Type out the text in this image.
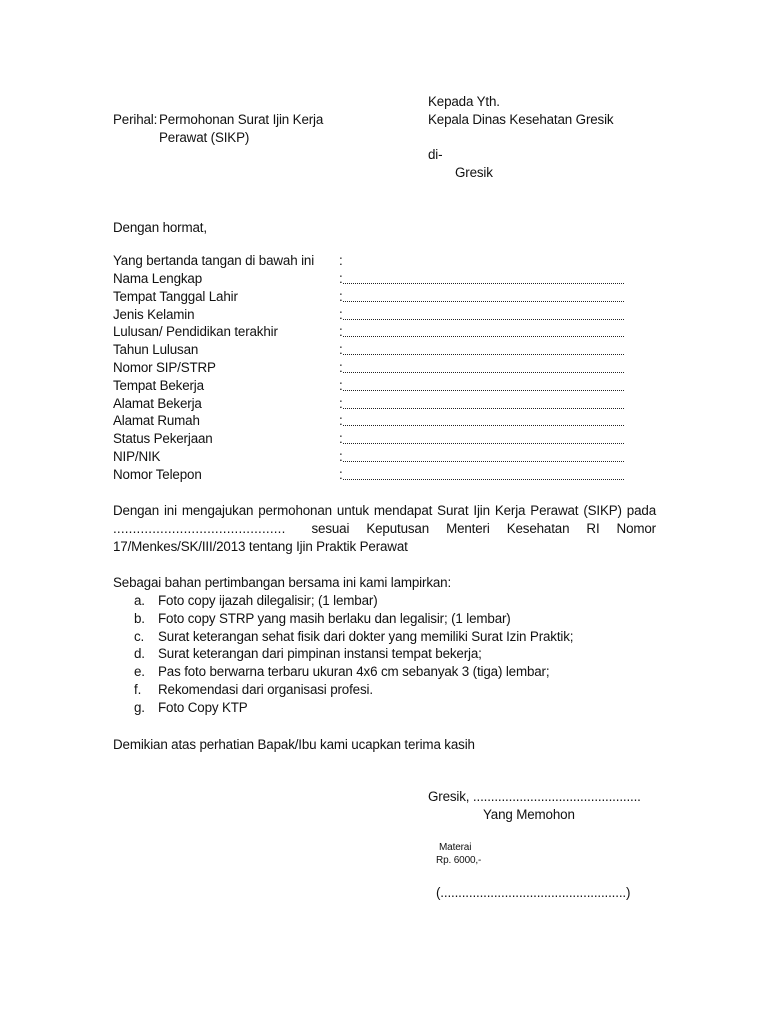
Kepada Yth.
Kepala Dinas Kesehatan Gresik
di-
Gresik
Perihal: Permohonan Surat Ijin Kerja
Perawat (SIKP)
Dengan hormat,
Yang bertanda tangan di bawah ini :
Nama Lengkap	:
Tempat Tanggal Lahir	:
Jenis Kelamin	:
Lulusan/ Pendidikan terakhir	:
Tahun Lulusan	:
Nomor SIP/STRP	:
Tempat Bekerja	:
Alamat Bekerja	:
Alamat Rumah	:
Status Pekerjaan	:
NIP/NIK	:
Nomor Telepon	:
Dengan ini mengajukan permohonan untuk mendapat Surat Ijin Kerja Perawat (SIKP) pada
............................................ sesuai Keputusan Menteri Kesehatan RI Nomor
17/Menkes/SK/III/2013 tentang Ijin Praktik Perawat
Sebagai bahan pertimbangan bersama ini kami lampirkan:
a. Foto copy ijazah dilegalisir; (1 lembar)
b. Foto copy STRP yang masih berlaku dan legalisir; (1 lembar)
c. Surat keterangan sehat fisik dari dokter yang memiliki Surat Izin Praktik;
d. Surat keterangan dari pimpinan instansi tempat bekerja;
e. Pas foto berwarna terbaru ukuran 4x6 cm sebanyak 3 (tiga) lembar;
f. Rekomendasi dari organisasi profesi.
g. Foto Copy KTP
Demikian atas perhatian Bapak/Ibu kami ucapkan terima kasih
Gresik, ...............................................
Yang Memohon
Materai
Rp. 6000,-
(....................................................)
